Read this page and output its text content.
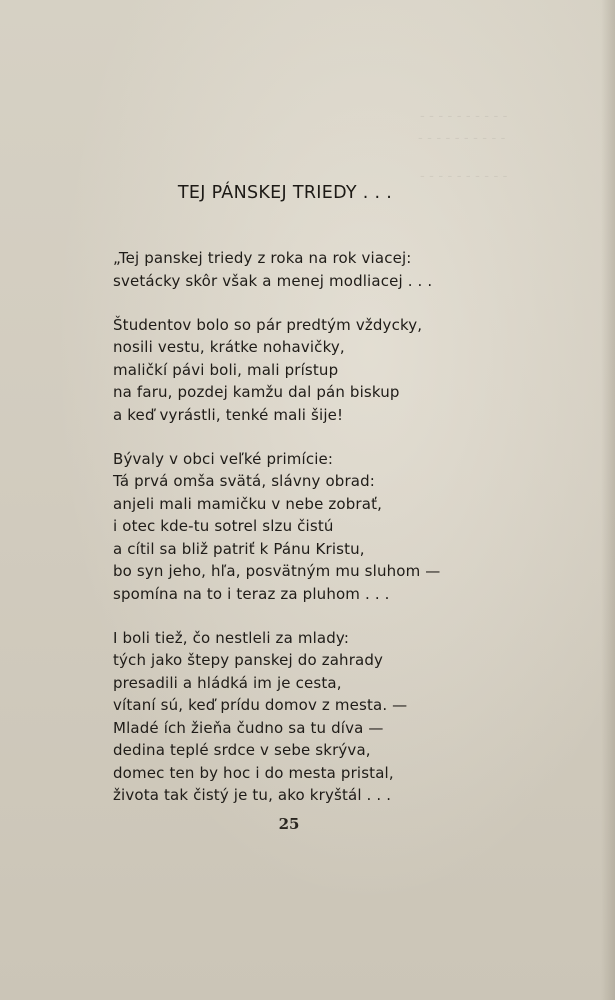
- - - - - - - - - -
- - - - - - - - - -
- - - - - - - - - -
TEJ PÁNSKEJ TRIEDY . . .
„Tej panskej triedy z roka na rok viacej:
svetácky skôr však a menej modliacej . . .
Študentov bolo so pár predtým vždycky,
nosili vestu, krátke nohavičky,
maličkí pávi boli, mali prístup
na faru, pozdej kamžu dal pán biskup
a keď vyrástli, tenké mali šije!
Bývaly v obci veľké primície:
Tá prvá omša svätá, slávny obrad:
anjeli mali mamičku v nebe zobrať,
i otec kde-tu sotrel slzu čistú
a cítil sa bliž patriť k Pánu Kristu,
bo syn jeho, hľa, posvätným mu sluhom —
spomína na to i teraz za pluhom . . .
I boli tiež, čo nestleli za mlady:
tých jako štepy panskej do zahrady
presadili a hládká im je cesta,
vítaní sú, keď prídu domov z mesta. —
Mladé ích žieňa čudno sa tu díva —
dedina teplé srdce v sebe skrýva,
domec ten by hoc i do mesta pristal,
života tak čistý je tu, ako kryštál . . .
25
